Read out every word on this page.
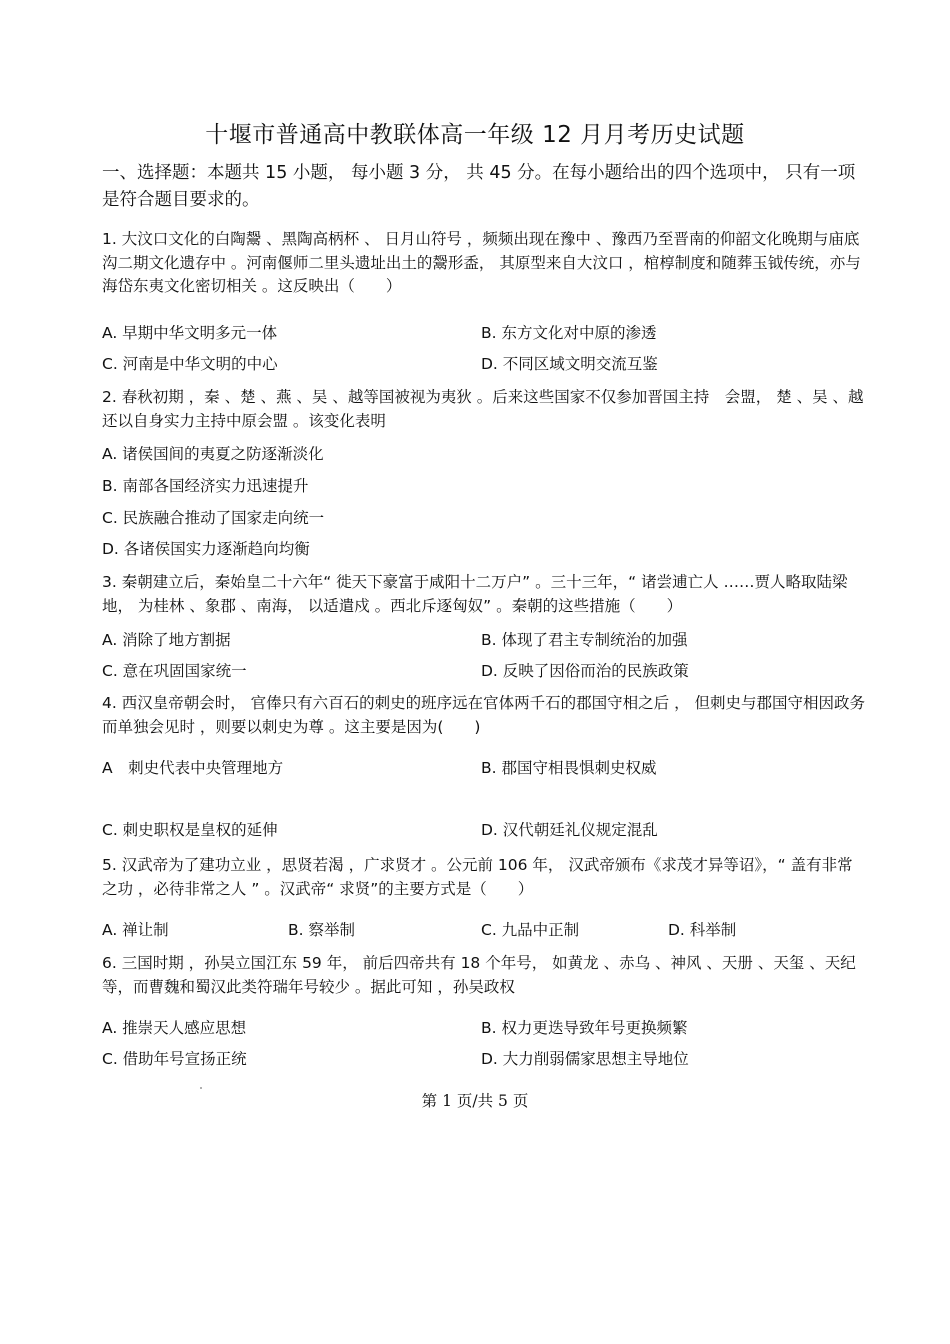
十堰市普通高中教联体高一年级 12 月月考历史试题
一、选择题：本题共 15 小题， 每小题 3 分， 共 45 分。在每小题给出的四个选项中， 只有一项是符合题目要求的。
1. 大汶口文化的白陶鬶 、黑陶高柄杯 、 日月山符号 ，频频出现在豫中 、豫西乃至晋南的仰韶文化晚期与庙底沟二期文化遗存中 。河南偃师二里头遗址出土的鬶形盉， 其原型来自大汶口 ，棺椁制度和随葬玉钺传统，亦与海岱东夷文化密切相关 。这反映出（　　）
A. 早期中华文明多元一体	B. 东方文化对中原的渗透
C. 河南是中华文明的中心	D. 不同区域文明交流互鉴
2. 春秋初期 ，秦 、楚 、燕 、吴 、越等国被视为夷狄 。后来这些国家不仅参加晋国主持　会盟， 楚 、吴 、越还以自身实力主持中原会盟 。该变化表明
A. 诸侯国间的夷夏之防逐渐淡化
B. 南部各国经济实力迅速提升
C. 民族融合推动了国家走向统一
D. 各诸侯国实力逐渐趋向均衡
3. 秦朝建立后，秦始皇二十六年“ 徙天下豪富于咸阳十二万户” 。三十三年，“ 诸尝逋亡人 ……贾人略取陆梁地， 为桂林 、象郡 、南海， 以适遣戍 。西北斥逐匈奴” 。秦朝的这些措施（　　）
A. 消除了地方割据	B. 体现了君主专制统治的加强
C. 意在巩固国家统一	D. 反映了因俗而治的民族政策
4. 西汉皇帝朝会时， 官俸只有六百石的刺史的班序远在官体两千石的郡国守相之后 ， 但刺史与郡国守相因政务而单独会见时 ，则要以刺史为尊 。这主要是因为(　　)
A　刺史代表中央管理地方	B. 郡国守相畏惧刺史权威
C. 刺史职权是皇权的延伸	D. 汉代朝廷礼仪规定混乱
5. 汉武帝为了建功立业 ，思贤若渴 ，广求贤才 。公元前 106 年， 汉武帝颁布《求茂才异等诏》，“ 盖有非常之功 ，必待非常之人 ” 。汉武帝“ 求贤”的主要方式是（　　）
A. 禅让制	B. 察举制	C. 九品中正制	D. 科举制
6. 三国时期 ，孙吴立国江东 59 年， 前后四帝共有 18 个年号， 如黄龙 、赤乌 、神风 、天册 、天玺 、天纪等，而曹魏和蜀汉此类符瑞年号较少 。据此可知 ，孙吴政权
A. 推崇天人感应思想	B. 权力更迭导致年号更换频繁
C. 借助年号宣扬正统	D. 大力削弱儒家思想主导地位
第 1 页/共 5 页
